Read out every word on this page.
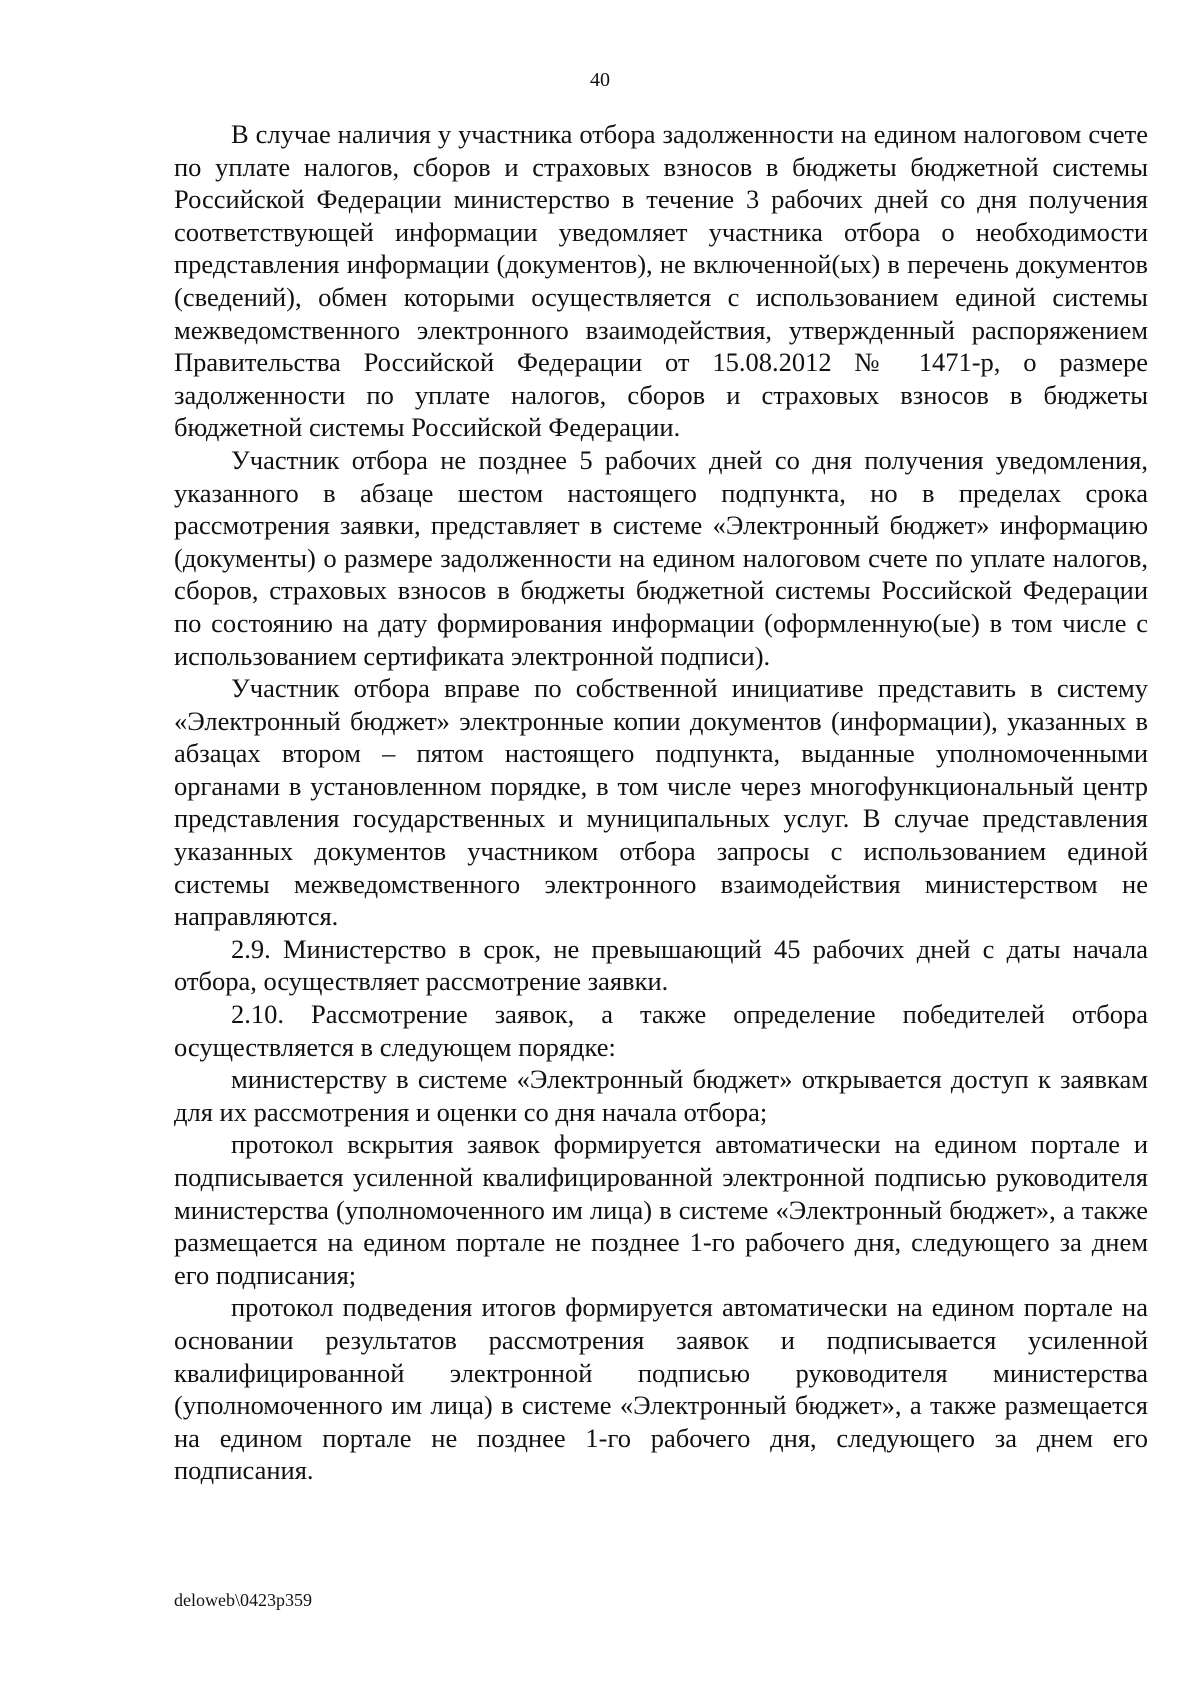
40

В случае наличия у участника отбора задолженности на едином налоговом счете по уплате налогов, сборов и страховых взносов в бюджеты бюджетной системы Российской Федерации министерство в течение 3 рабочих дней со дня получения соответствующей информации уведомляет участника отбора о необходимости представления информации (документов), не включенной(ых) в перечень документов (сведений), обмен которыми осуществляется с использованием единой системы межведомственного электронного взаимодействия, утвержденный распоряжением Правительства Российской Федерации от 15.08.2012 № 1471-р, о размере задолженности по уплате налогов, сборов и страховых взносов в бюджеты бюджетной системы Российской Федерации.

Участник отбора не позднее 5 рабочих дней со дня получения уведомления, указанного в абзаце шестом настоящего подпункта, но в пределах срока рассмотрения заявки, представляет в системе «Электронный бюджет» информацию (документы) о размере задолженности на едином налоговом счете по уплате налогов, сборов, страховых взносов в бюджеты бюджетной системы Российской Федерации по состоянию на дату формирования информации (оформленную(ые) в том числе с использованием сертификата электронной подписи).

Участник отбора вправе по собственной инициативе представить в систему «Электронный бюджет» электронные копии документов (информации), указанных в абзацах втором – пятом настоящего подпункта, выданные уполномоченными органами в установленном порядке, в том числе через многофункциональный центр представления государственных и муниципальных услуг. В случае представления указанных документов участником отбора запросы с использованием единой системы межведомственного электронного взаимодействия министерством не направляются.

2.9. Министерство в срок, не превышающий 45 рабочих дней с даты начала отбора, осуществляет рассмотрение заявки.

2.10. Рассмотрение заявок, а также определение победителей отбора осуществляется в следующем порядке:

министерству в системе «Электронный бюджет» открывается доступ к заявкам для их рассмотрения и оценки со дня начала отбора;

протокол вскрытия заявок формируется автоматически на едином портале и подписывается усиленной квалифицированной электронной подписью руководителя министерства (уполномоченного им лица) в системе «Электронный бюджет», а также размещается на едином портале не позднее 1-го рабочего дня, следующего за днем его подписания;

протокол подведения итогов формируется автоматически на едином портале на основании результатов рассмотрения заявок и подписывается усиленной квалифицированной электронной подписью руководителя министерства (уполномоченного им лица) в системе «Электронный бюджет», а также размещается на едином портале не позднее 1-го рабочего дня, следующего за днем его подписания.

deloweb\0423p359
